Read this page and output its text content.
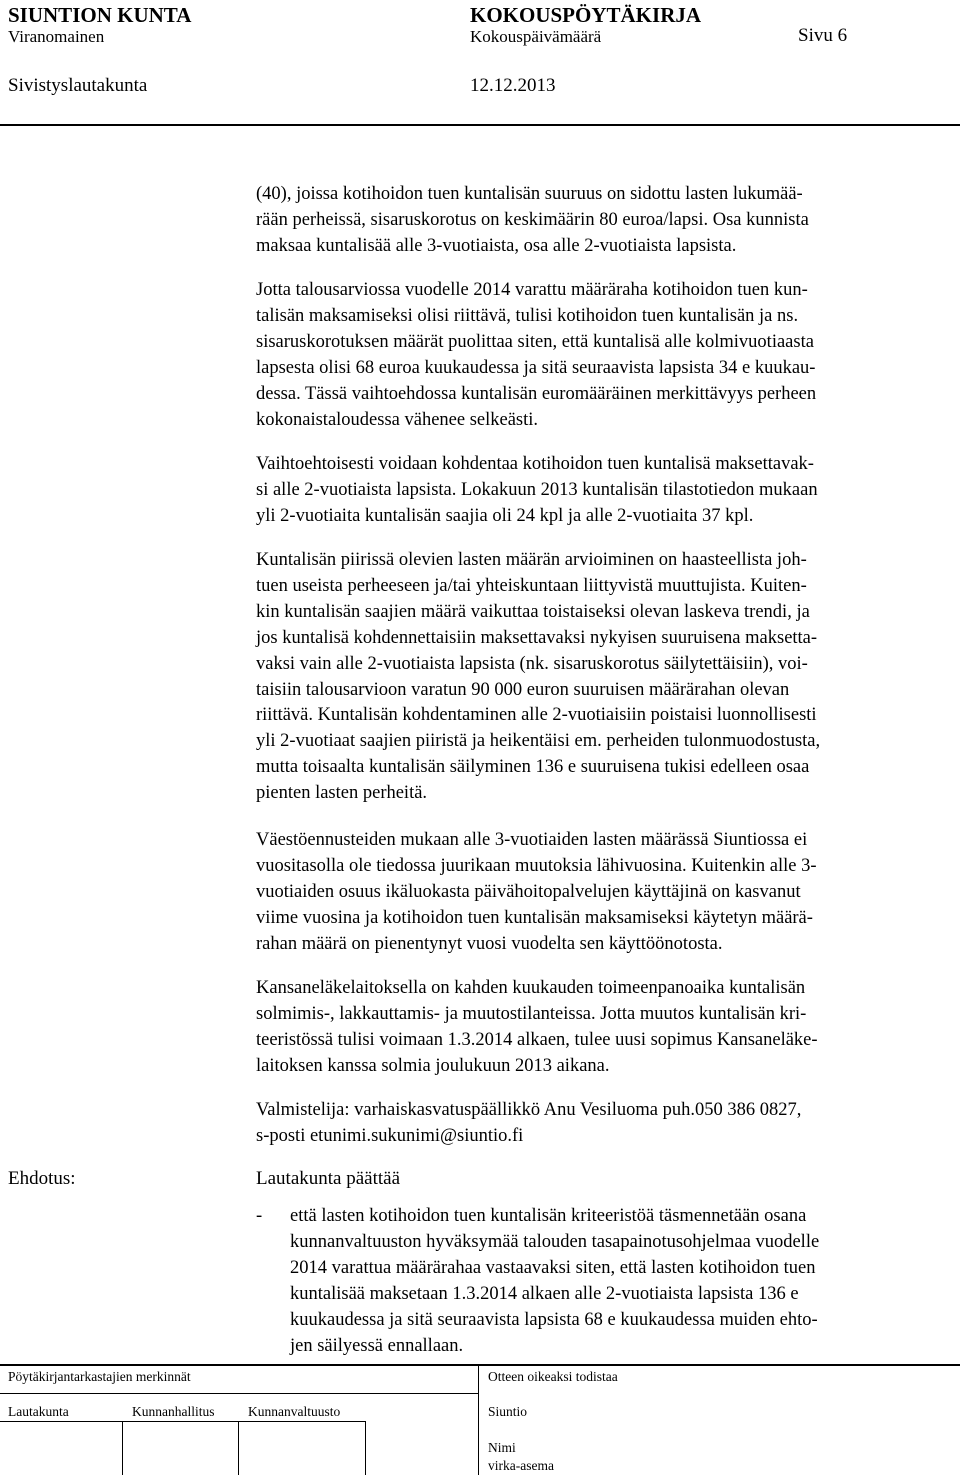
SIUNTION KUNTA	KOKOUSPÖYTÄKIRJA
Viranomainen	Kokouspäivämäärä	Sivu 6
Sivistyslautakunta	12.12.2013

(40), joissa kotihoidon tuen kuntalisän suuruus on sidottu lasten lukumää-
rään perheissä, sisaruskorotus on keskimäärin 80 euroa/lapsi. Osa kunnista
maksaa kuntalisää alle 3-vuotiaista, osa alle 2-vuotiaista lapsista.

Jotta talousarviossa vuodelle 2014 varattu määräraha kotihoidon tuen kun-
talisän maksamiseksi olisi riittävä, tulisi kotihoidon tuen kuntalisän ja ns.
sisaruskorotuksen määrät puolittaa siten, että kuntalisä alle kolmivuotiaasta
lapsesta olisi 68 euroa kuukaudessa ja sitä seuraavista lapsista 34 e kuukau-
dessa. Tässä vaihtoehdossa kuntalisän euromääräinen merkittävyys perheen
kokonaistaloudessa vähenee selkeästi.

Vaihtoehtoisesti voidaan kohdentaa kotihoidon tuen kuntalisä maksettavak-
si alle 2-vuotiaista lapsista. Lokakuun 2013 kuntalisän tilastotiedon mukaan
yli 2-vuotiaita kuntalisän saajia oli 24 kpl ja alle 2-vuotiaita 37 kpl.

Kuntalisän piirissä olevien lasten määrän arvioiminen on haasteellista joh-
tuen useista perheeseen ja/tai yhteiskuntaan liittyvistä muuttujista. Kuiten-
kin kuntalisän saajien määrä vaikuttaa toistaiseksi olevan laskeva trendi, ja
jos kuntalisä kohdennettaisiin maksettavaksi nykyisen suuruisena maksetta-
vaksi vain alle 2-vuotiaista lapsista (nk. sisaruskorotus säilytettäisiin), voi-
taisiin talousarvioon varatun 90 000 euron suuruisen määrärahan olevan
riittävä. Kuntalisän kohdentaminen alle 2-vuotiaisiin poistaisi luonnollisesti
yli 2-vuotiaat saajien piiristä ja heikentäisi em. perheiden tulonmuodostusta,
mutta toisaalta kuntalisän säilyminen 136 e suuruisena tukisi edelleen osaa
pienten lasten perheitä.

Väestöennusteiden mukaan alle 3-vuotiaiden lasten määrässä Siuntiossa ei
vuositasolla ole tiedossa juurikaan muutoksia lähivuosina. Kuitenkin alle 3-
vuotiaiden osuus ikäluokasta päivähoitopalvelujen käyttäjinä on kasvanut
viime vuosina ja kotihoidon tuen kuntalisän maksamiseksi käytetyn määrä-
rahan määrä on pienentynyt vuosi vuodelta sen käyttöönotosta.

Kansaneläkelaitoksella on kahden kuukauden toimeenpanoaika kuntalisän
solmimis-, lakkauttamis- ja muutostilanteissa. Jotta muutos kuntalisän kri-
teeristössä tulisi voimaan 1.3.2014 alkaen, tulee uusi sopimus Kansaneläke-
laitoksen kanssa solmia joulukuun 2013 aikana.

Valmistelija: varhaiskasvatuspäällikkö Anu Vesiluoma puh.050 386 0827,
s-posti etunimi.sukunimi@siuntio.fi

Ehdotus:	Lautakunta päättää
- että lasten kotihoidon tuen kuntalisän kriteeristöä täsmennetään osana
kunnanvaltuuston hyväksymää talouden tasapainotusohjelmaa vuodelle
2014 varattua määrärahaa vastaavaksi siten, että lasten kotihoidon tuen
kuntalisää maksetaan 1.3.2014 alkaen alle 2-vuotiaista lapsista 136 e
kuukaudessa ja sitä seuraavista lapsista 68 e kuukaudessa muiden ehto-
jen säilyessä ennallaan.
Pöytäkirjantarkastajien merkinnät	Otteen oikeaksi todistaa
Lautakunta	Kunnanhallitus Kunnanvaltuusto	Siuntio
Nimi
virka-asema
